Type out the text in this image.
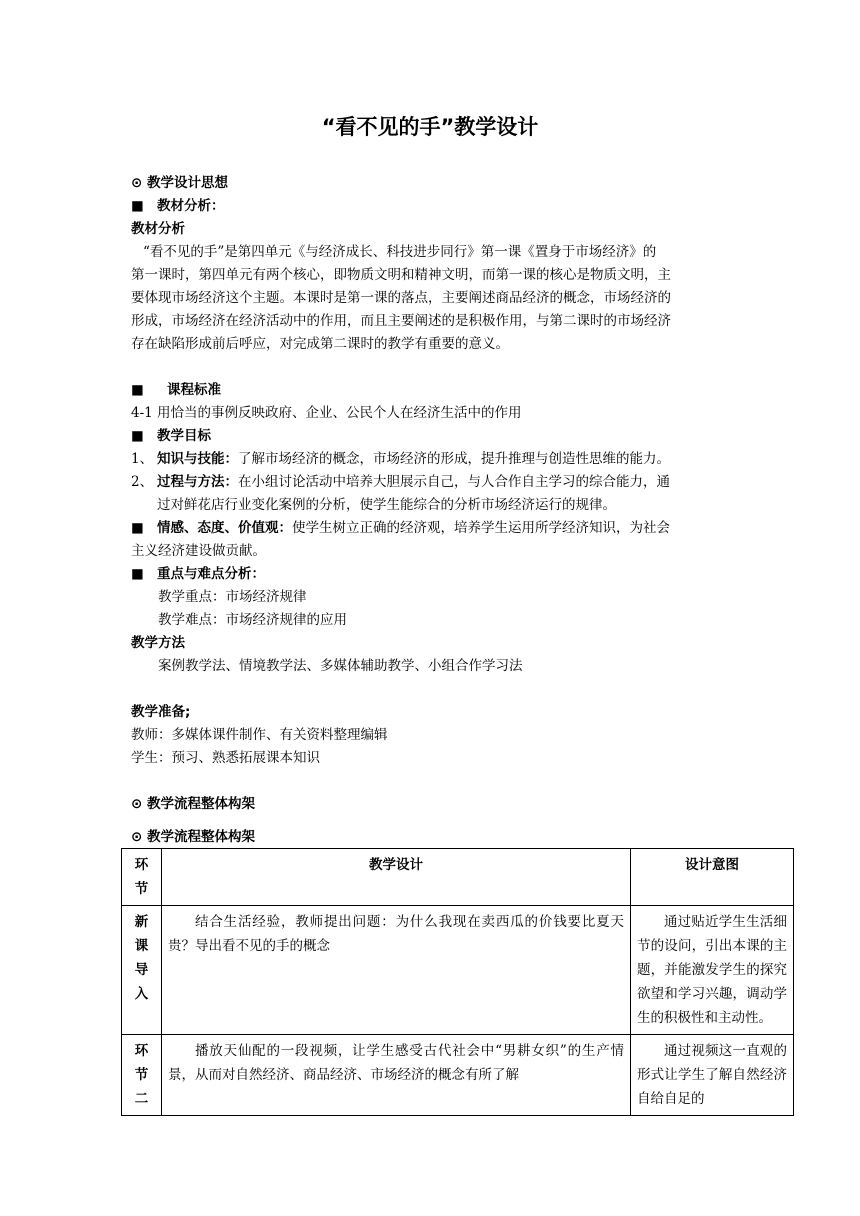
“看不见的手”教学设计
⊙ 教学设计思想
■ 教材分析：
教材分析
“看不见的手”是第四单元《与经济成长、科技进步同行》第一课《置身于市场经济》的
第一课时，第四单元有两个核心，即物质文明和精神文明，而第一课的核心是物质文明，主
要体现市场经济这个主题。本课时是第一课的落点，主要阐述商品经济的概念，市场经济的
形成，市场经济在经济活动中的作用，而且主要阐述的是积极作用，与第二课时的市场经济
存在缺陷形成前后呼应，对完成第二课时的教学有重要的意义。
■ 课程标准
4-1 用恰当的事例反映政府、企业、公民个人在经济生活中的作用
■ 教学目标
1、 知识与技能：了解市场经济的概念，市场经济的形成，提升推理与创造性思维的能力。
2、 过程与方法：在小组讨论活动中培养大胆展示自己，与人合作自主学习的综合能力，通
过对鲜花店行业变化案例的分析，使学生能综合的分析市场经济运行的规律。
■ 情感、态度、价值观：使学生树立正确的经济观，培养学生运用所学经济知识，为社会
主义经济建设做贡献。
■ 重点与难点分析：
教学重点：市场经济规律
教学难点：市场经济规律的应用
教学方法
案例教学法、情境教学法、多媒体辅助教学、小组合作学习法
教学准备;
教师：多媒体课件制作、有关资料整理编辑
学生：预习、熟悉拓展课本知识
⊙ 教学流程整体构架
⊙ 教学流程整体构架
环节	教学设计	设计意图

新课导入	结合生活经验，教师提出问题：为什么我现在卖西瓜的价钱要比夏天贵？导出看不见的手的概念	通过贴近学生生活细节的设问，引出本课的主题，并能激发学生的探究欲望和学习兴趣，调动学生的积极性和主动性。

环节二	播放天仙配的一段视频，让学生感受古代社会中“男耕女织”的生产情景，从而对自然经济、商品经济、市场经济的概念有所了解	通过视频这一直观的形式让学生了解自然经济自给自足的
